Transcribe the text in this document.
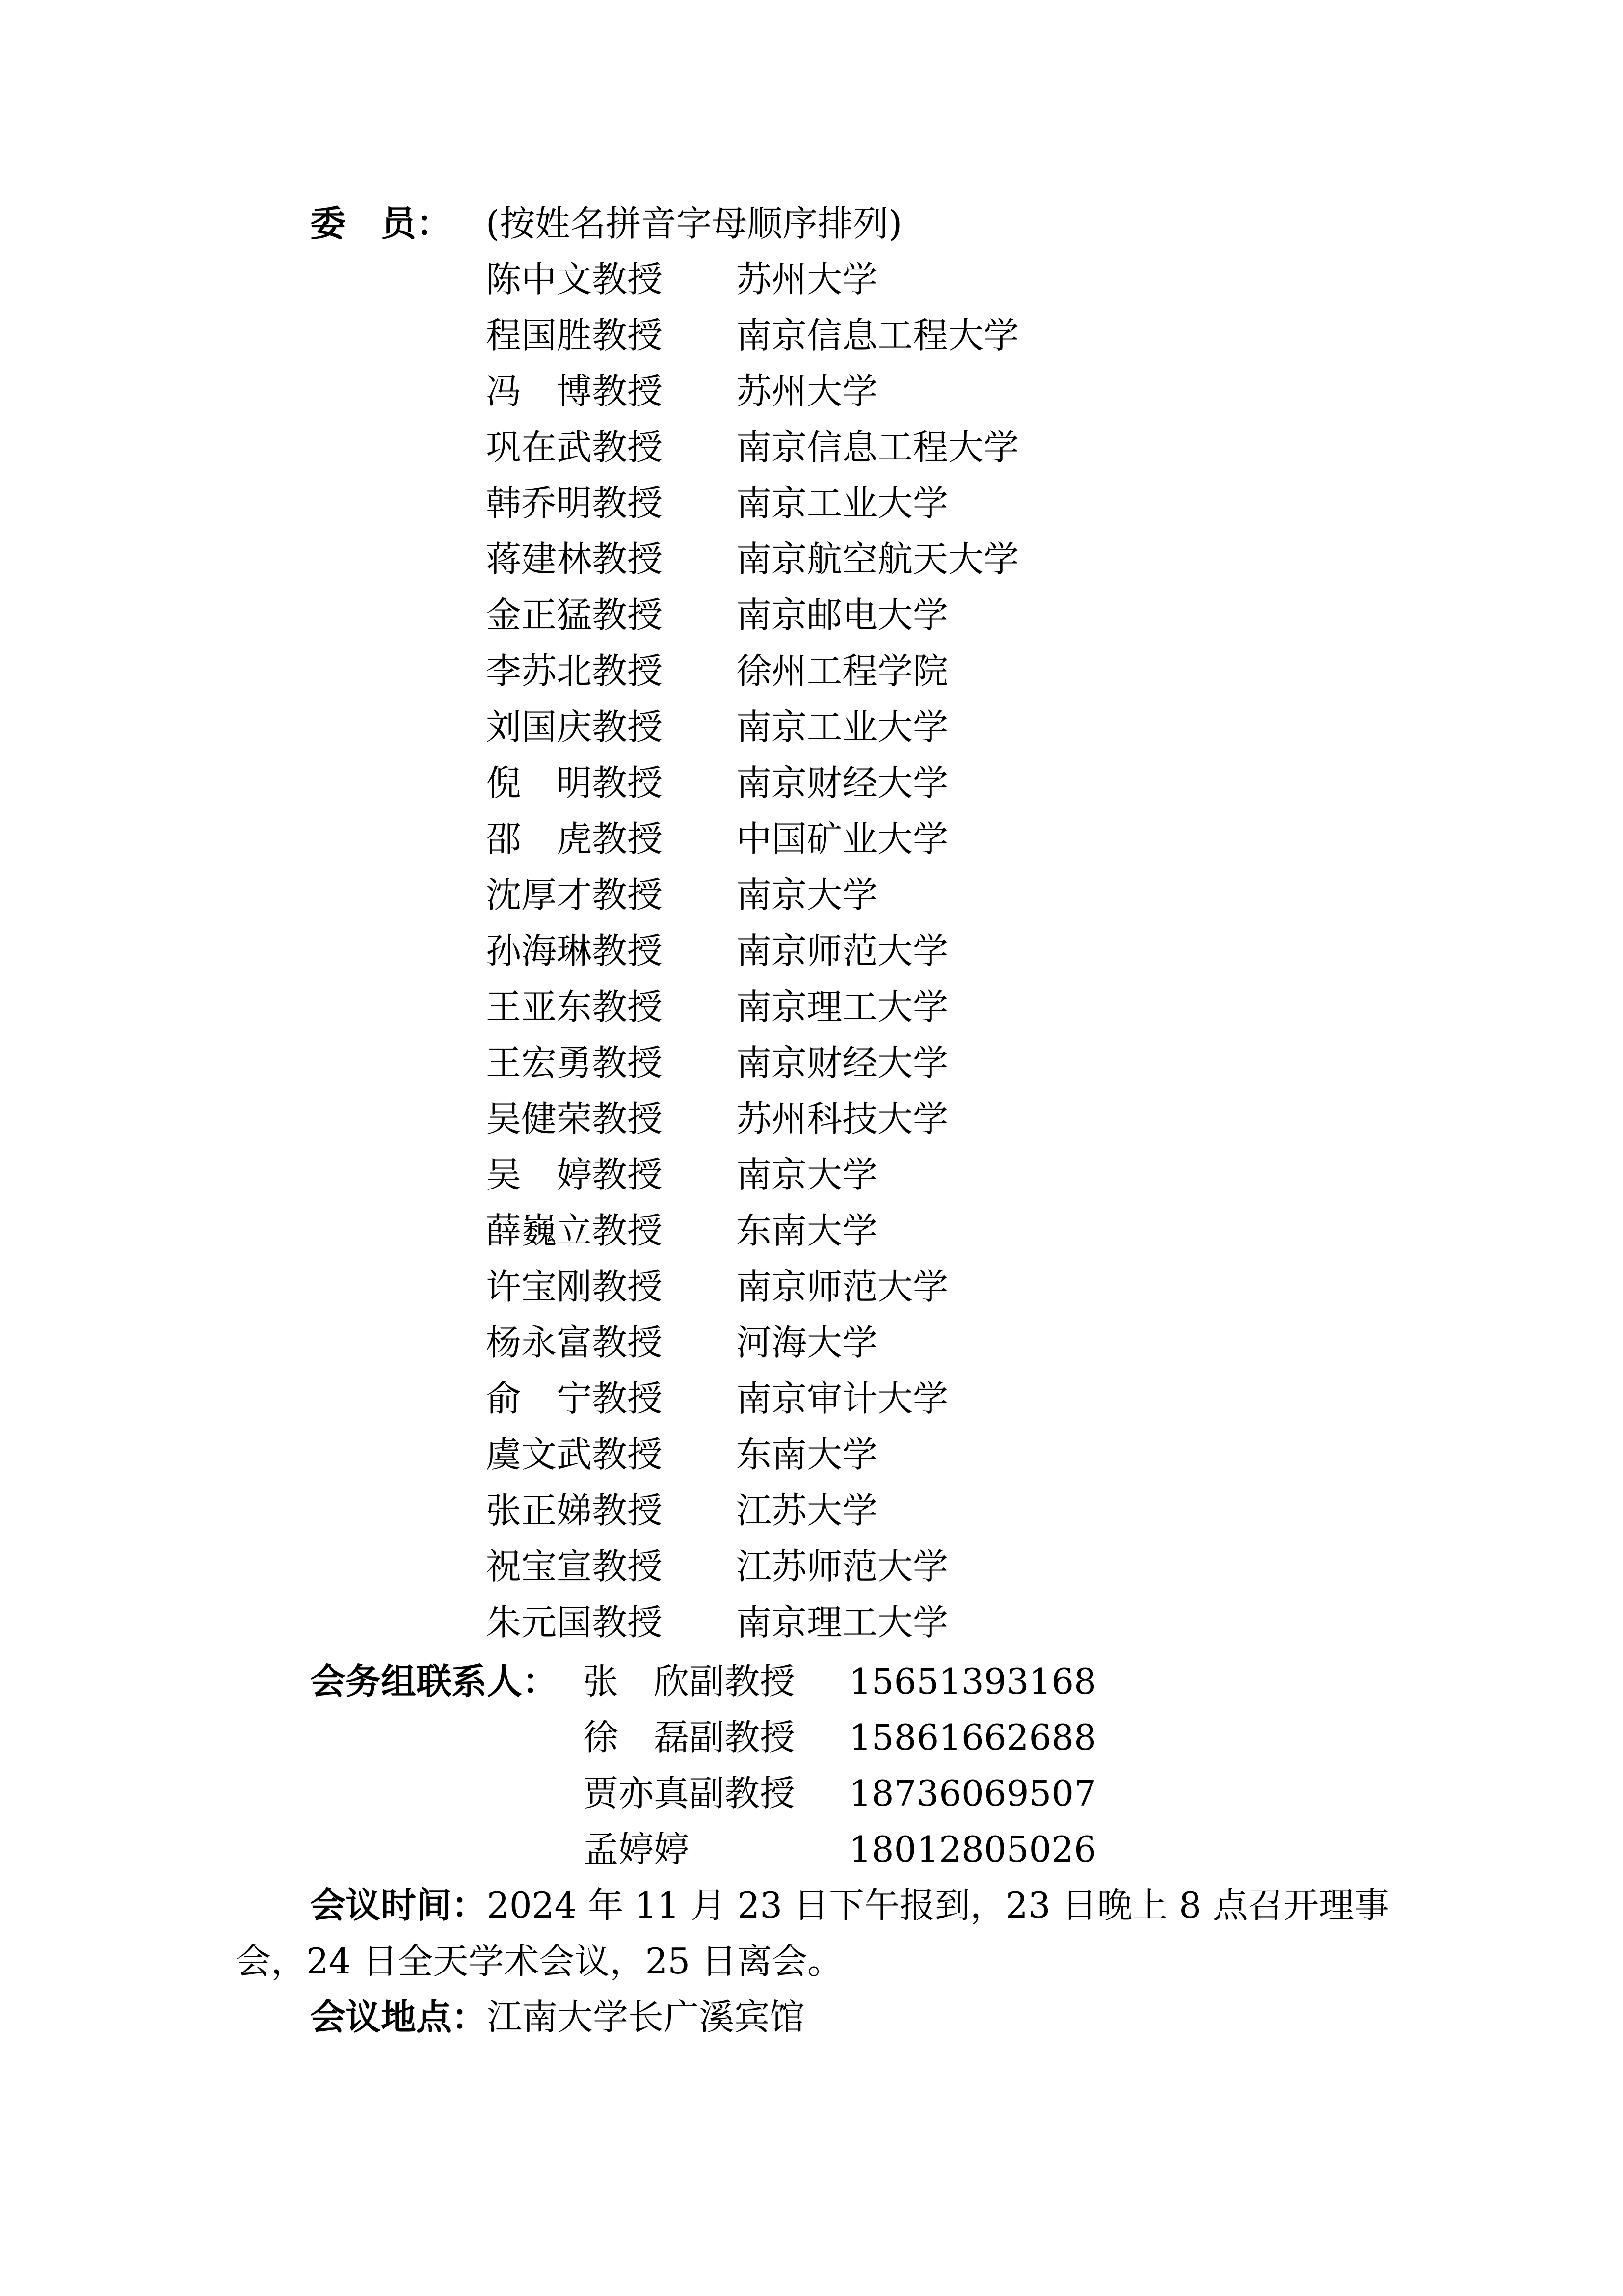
委　员： (按姓名拼音字母顺序排列)
陈中文教授 苏州大学
程国胜教授 南京信息工程大学
冯　博教授 苏州大学
巩在武教授 南京信息工程大学
韩乔明教授 南京工业大学
蒋建林教授 南京航空航天大学
金正猛教授 南京邮电大学
李苏北教授 徐州工程学院
刘国庆教授 南京工业大学
倪　明教授 南京财经大学
邵　虎教授 中国矿业大学
沈厚才教授 南京大学
孙海琳教授 南京师范大学
王亚东教授 南京理工大学
王宏勇教授 南京财经大学
吴健荣教授 苏州科技大学
吴　婷教授 南京大学
薛巍立教授 东南大学
许宝刚教授 南京师范大学
杨永富教授 河海大学
俞　宁教授 南京审计大学
虞文武教授 东南大学
张正娣教授 江苏大学
祝宝宣教授 江苏师范大学
朱元国教授 南京理工大学
会务组联系人： 张　欣副教授 15651393168
徐　磊副教授 15861662688
贾亦真副教授 18736069507
孟婷婷	18012805026
会议时间：2024 年 11 月 23 日下午报到，23 日晚上 8 点召开理事
会，24 日全天学术会议，25 日离会。
会议地点：江南大学长广溪宾馆
